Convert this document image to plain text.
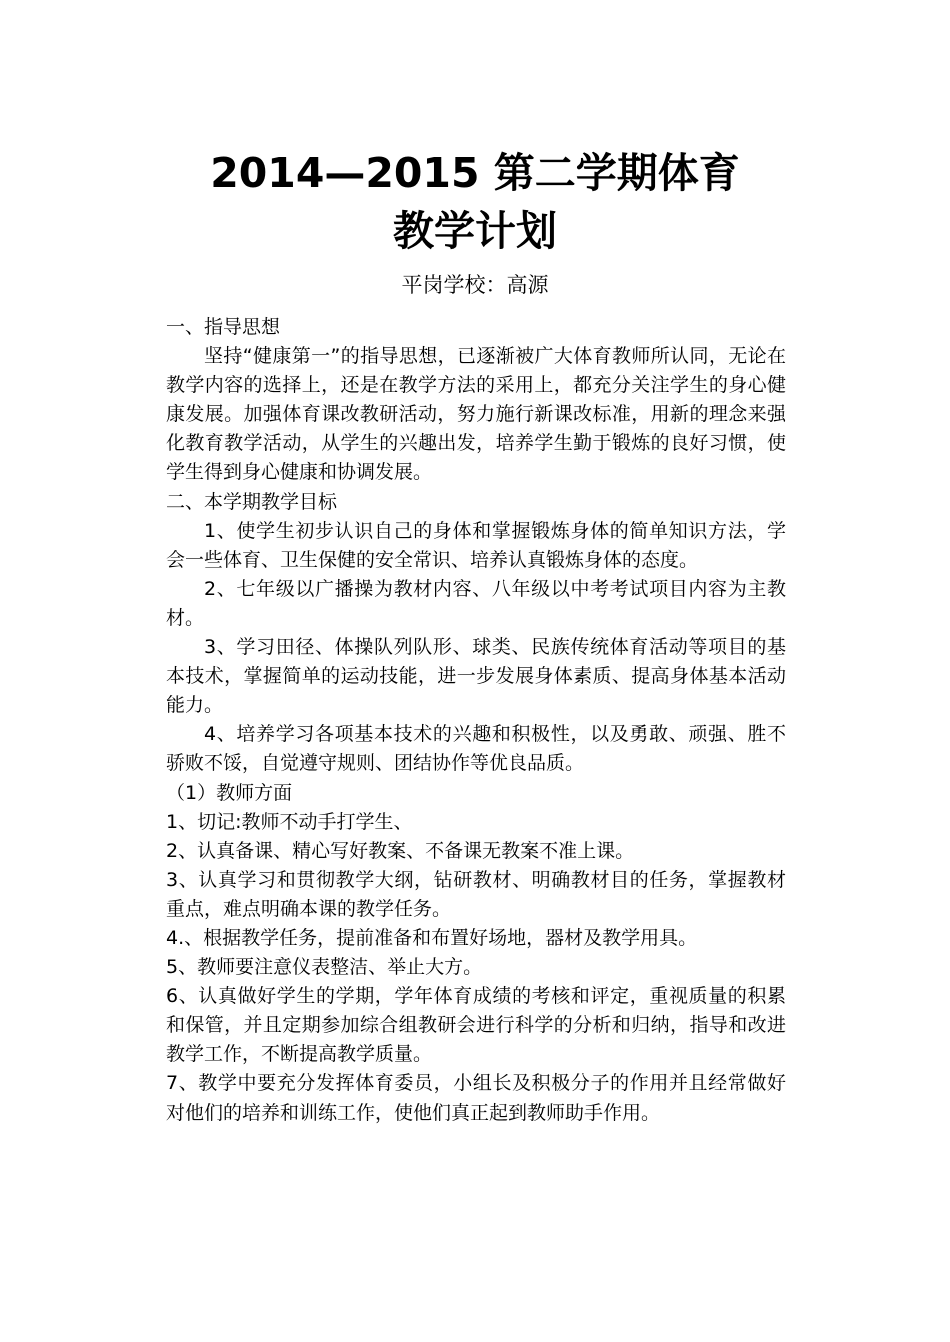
2014—2015 第二学期体育
教学计划
平岗学校：高源

一、指导思想

坚持“健康第一”的指导思想，已逐渐被广大体育教师所认同，无论在教学内容的选择上，还是在教学方法的采用上，都充分关注学生的身心健康发展。加强体育课改教研活动，努力施行新课改标准，用新的理念来强化教育教学活动，从学生的兴趣出发，培养学生勤于锻炼的良好习惯，使学生得到身心健康和协调发展。

二、本学期教学目标

1、使学生初步认识自己的身体和掌握锻炼身体的简单知识方法，学会一些体育、卫生保健的安全常识、培养认真锻炼身体的态度。

2、七年级以广播操为教材内容、八年级以中考考试项目内容为主教材。

3、学习田径、体操队列队形、球类、民族传统体育活动等项目的基本技术，掌握简单的运动技能，进一步发展身体素质、提高身体基本活动能力。

4、培养学习各项基本技术的兴趣和积极性，以及勇敢、顽强、胜不骄败不馁，自觉遵守规则、团结协作等优良品质。

（1）教师方面

1、切记:教师不动手打学生、

2、认真备课、精心写好教案、不备课无教案不准上课。

3、认真学习和贯彻教学大纲，钻研教材、明确教材目的任务，掌握教材重点，难点明确本课的教学任务。

4.、根据教学任务，提前准备和布置好场地，器材及教学用具。

5、教师要注意仪表整洁、举止大方。

6、认真做好学生的学期，学年体育成绩的考核和评定，重视质量的积累和保管，并且定期参加综合组教研会进行科学的分析和归纳，指导和改进教学工作，不断提高教学质量。

7、教学中要充分发挥体育委员，小组长及积极分子的作用并且经常做好对他们的培养和训练工作，使他们真正起到教师助手作用。
